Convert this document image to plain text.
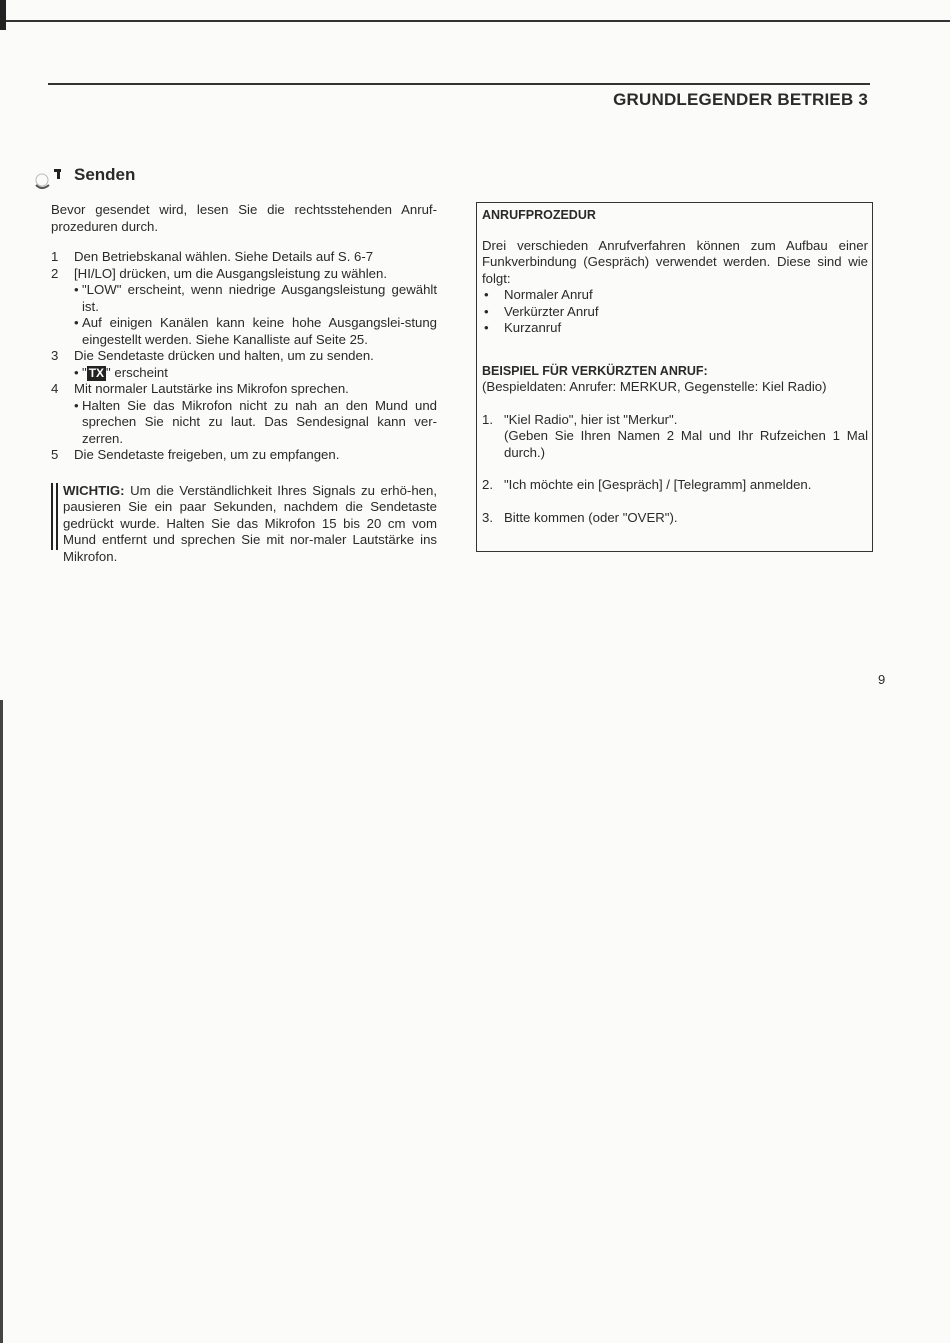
GRUNDLEGENDER BETRIEB 3
Senden

Bevor gesendet wird, lesen Sie die rechtsstehenden Anruf-prozeduren durch.

1 Den Betriebskanal wählen. Siehe Details auf S. 6-7
2 [HI/LO] drücken, um die Ausgangsleistung zu wählen.
• "LOW" erscheint, wenn niedrige Ausgangsleistung gewählt ist.
• Auf einigen Kanälen kann keine hohe Ausgangslei-stung eingestellt werden. Siehe Kanalliste auf Seite 25.
3 Die Sendetaste drücken und halten, um zu senden.
• " TX " erscheint
4 Mit normaler Lautstärke ins Mikrofon sprechen.
• Halten Sie das Mikrofon nicht zu nah an den Mund und sprechen Sie nicht zu laut. Das Sendesignal kann ver-zerren.
5 Die Sendetaste freigeben, um zu empfangen.
WICHTIG: Um die Verständlichkeit Ihres Signals zu erhö-hen, pausieren Sie ein paar Sekunden, nachdem die Sendetaste gedrückt wurde. Halten Sie das Mikrofon 15 bis 20 cm vom Mund entfernt und sprechen Sie mit nor-maler Lautstärke ins Mikrofon.

ANRUFPROZEDUR

Drei verschieden Anrufverfahren können zum Aufbau einer Funkverbindung (Gespräch) verwendet werden. Diese sind wie folgt:

• Normaler Anruf
• Verkürzter Anruf
• Kurzanruf

BEISPIEL FÜR VERKÜRZTEN ANRUF:

(Bespieldaten: Anrufer: MERKUR, Gegenstelle: Kiel Radio)

1. "Kiel Radio", hier ist "Merkur".
(Geben Sie Ihren Namen 2 Mal und Ihr Rufzeichen 1 Mal durch.)
2. "Ich möchte ein [Gespräch] / [Telegramm] anmelden.
3. Bitte kommen (oder "OVER").
9
